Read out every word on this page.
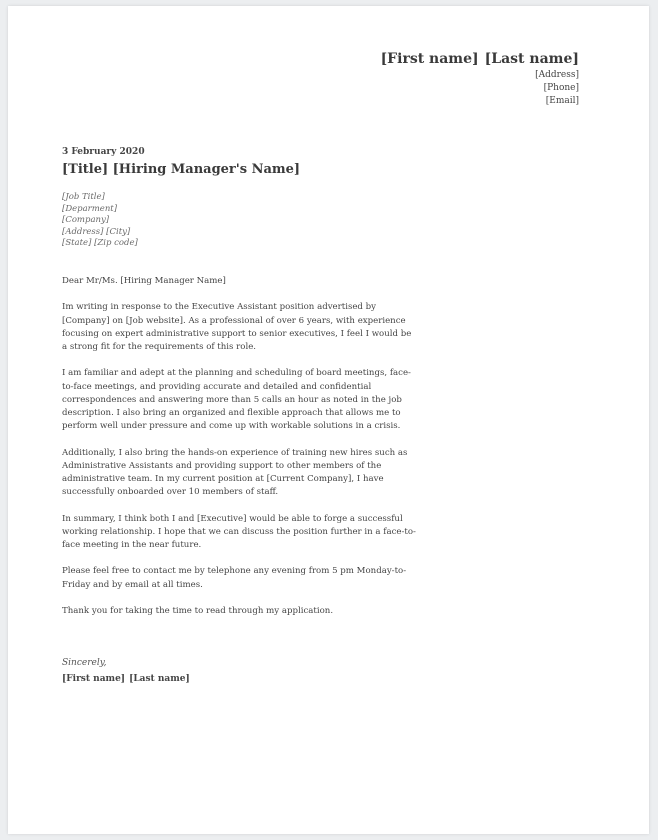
[First name] [Last name]
[Address]
[Phone]
[Email]
3 February 2020
[Title] [Hiring Manager's Name]
[Job Title]
[Deparment]
[Company]
[Address] [City]
[State] [Zip code]

Dear Mr/Ms. [Hiring Manager Name]

Im writing in response to the Executive Assistant position advertised by [Company] on [Job website]. As a professional of over 6 years, with experience focusing on expert administrative support to senior executives, I feel I would be a strong fit for the requirements of this role.

I am familiar and adept at the planning and scheduling of board meetings, face-to-face meetings, and providing accurate and detailed and confidential correspondences and answering more than 5 calls an hour as noted in the job description. I also bring an organized and flexible approach that allows me to perform well under pressure and come up with workable solutions in a crisis.

Additionally, I also bring the hands-on experience of training new hires such as Administrative Assistants and providing support to other members of the administrative team. In my current position at [Current Company], I have successfully onboarded over 10 members of staff.

In summary, I think both I and [Executive] would be able to forge a successful working relationship. I hope that we can discuss the position further in a face-to-face meeting in the near future.

Please feel free to contact me by telephone any evening from 5 pm Monday-to-Friday and by email at all times.

Thank you for taking the time to read through my application.

Sincerely,
[First name] [Last name]
